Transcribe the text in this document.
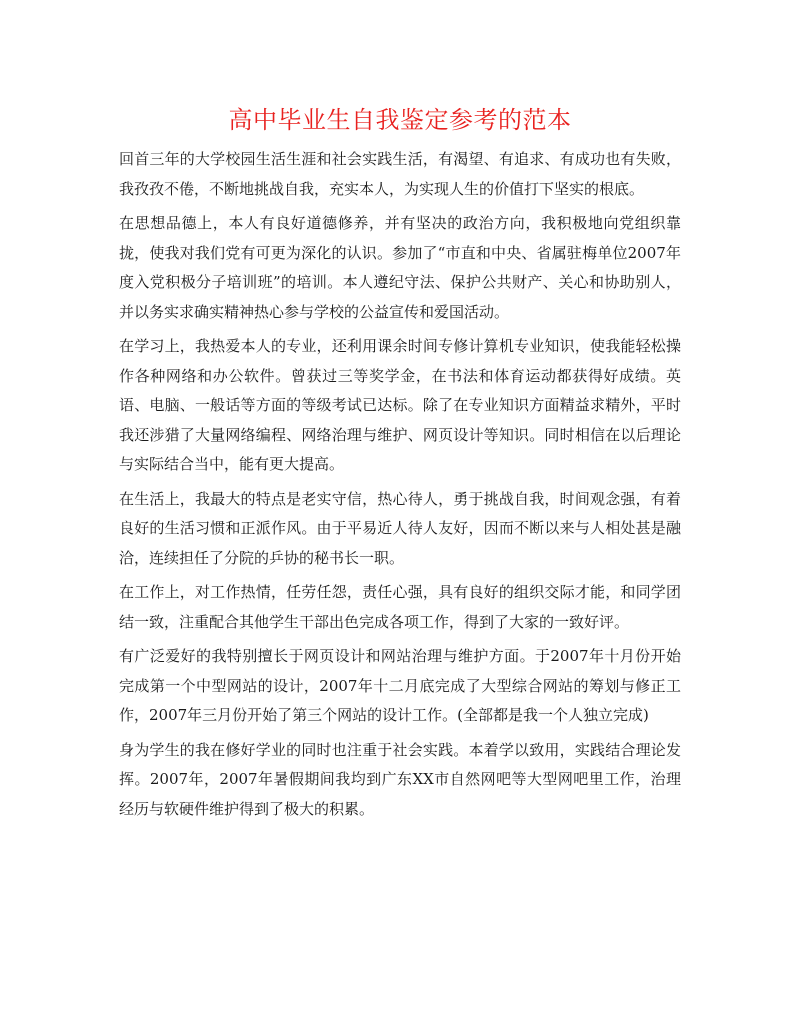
高中毕业生自我鉴定参考的范本

回首三年的大学校园生活生涯和社会实践生活，有渴望、有追求、有成功也有失败，我孜孜不倦，不断地挑战自我，充实本人，为实现人生的价值打下坚实的根底。

在思想品德上，本人有良好道德修养，并有坚决的政治方向，我积极地向党组织靠拢，使我对我们党有可更为深化的认识。参加了“市直和中央、省属驻梅单位2007年度入党积极分子培训班”的培训。本人遵纪守法、保护公共财产、关心和协助别人，并以务实求确实精神热心参与学校的公益宣传和爱国活动。

在学习上，我热爱本人的专业，还利用课余时间专修计算机专业知识，使我能轻松操作各种网络和办公软件。曾获过三等奖学金，在书法和体育运动都获得好成绩。英语、电脑、一般话等方面的等级考试已达标。除了在专业知识方面精益求精外，平时我还涉猎了大量网络编程、网络治理与维护、网页设计等知识。同时相信在以后理论与实际结合当中，能有更大提高。

在生活上，我最大的特点是老实守信，热心待人，勇于挑战自我，时间观念强，有着良好的生活习惯和正派作风。由于平易近人待人友好，因而不断以来与人相处甚是融洽，连续担任了分院的乒协的秘书长一职。

在工作上，对工作热情，任劳任怨，责任心强，具有良好的组织交际才能，和同学团结一致，注重配合其他学生干部出色完成各项工作，得到了大家的一致好评。

有广泛爱好的我特别擅长于网页设计和网站治理与维护方面。于2007年十月份开始完成第一个中型网站的设计，2007年十二月底完成了大型综合网站的筹划与修正工作，2007年三月份开始了第三个网站的设计工作。(全部都是我一个人独立完成)

身为学生的我在修好学业的同时也注重于社会实践。本着学以致用，实践结合理论发挥。2007年，2007年暑假期间我均到广东XX市自然网吧等大型网吧里工作，治理经历与软硬件维护得到了极大的积累。
